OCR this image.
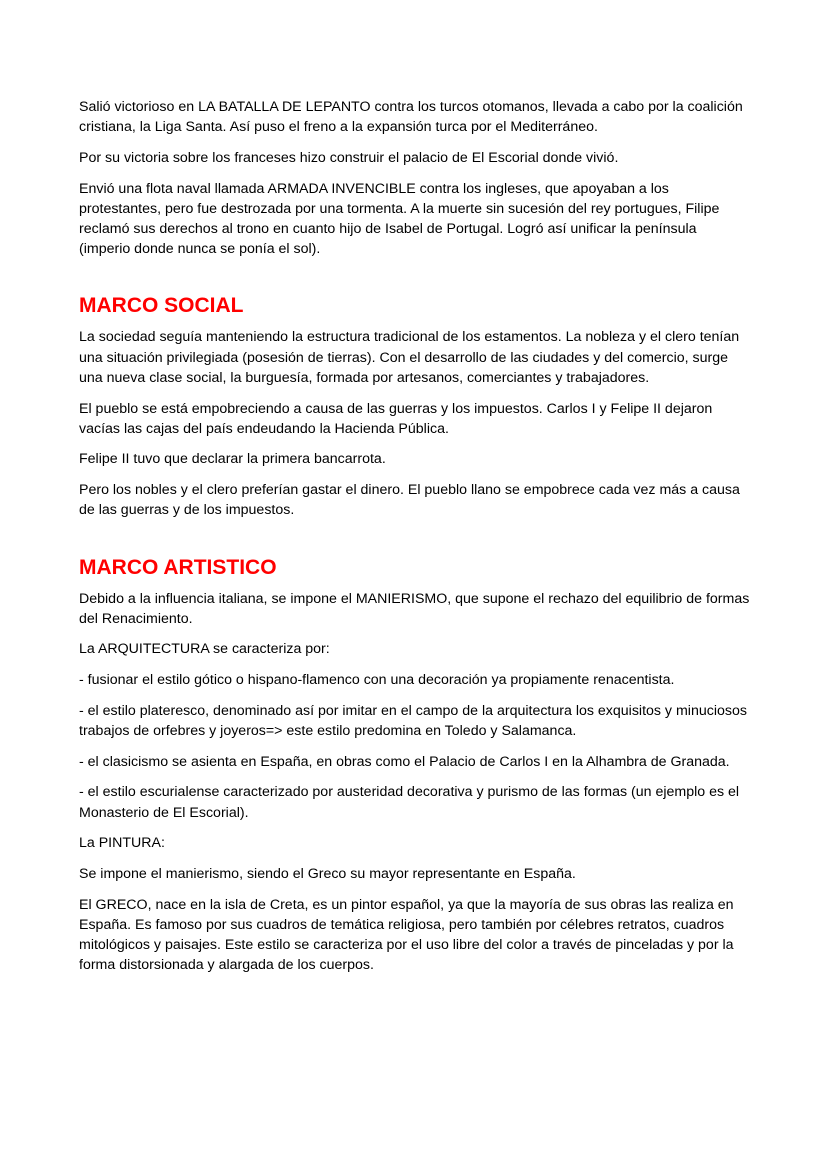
Salió victorioso en LA BATALLA DE LEPANTO contra los turcos otomanos, llevada a cabo por la coalición cristiana, la Liga Santa. Así puso el freno a la expansión turca por el Mediterráneo.

Por su victoria sobre los franceses hizo construir el palacio de El Escorial donde vivió.

Envió una flota naval llamada ARMADA INVENCIBLE contra los ingleses, que apoyaban a los protestantes, pero fue destrozada por una tormenta. A la muerte sin sucesión del rey portugues, Filipe reclamó sus derechos al trono en cuanto hijo de Isabel de Portugal. Logró así unificar la península (imperio donde nunca se ponía el sol).

MARCO SOCIAL

La sociedad seguía manteniendo la estructura tradicional de los estamentos. La nobleza y el clero tenían una situación privilegiada (posesión de tierras). Con el desarrollo de las ciudades y del comercio, surge una nueva clase social, la burguesía, formada por artesanos, comerciantes y trabajadores.

El pueblo se está empobreciendo a causa de las guerras y los impuestos. Carlos I y Felipe II dejaron vacías las cajas del país endeudando la Hacienda Pública.

Felipe II tuvo que declarar la primera bancarrota.

Pero los nobles y el clero preferían gastar el dinero. El pueblo llano se empobrece cada vez más a causa de las guerras y de los impuestos.

MARCO ARTISTICO

Debido a la influencia italiana, se impone el MANIERISMO, que supone el rechazo del equilibrio de formas del Renacimiento.

La ARQUITECTURA se caracteriza por:

- fusionar el estilo gótico o hispano-flamenco con una decoración ya propiamente renacentista.

- el estilo plateresco, denominado así por imitar en el campo de la arquitectura los exquisitos y minuciosos trabajos de orfebres y joyeros=> este estilo predomina en Toledo y Salamanca.

- el clasicismo se asienta en España, en obras como el Palacio de Carlos I en la Alhambra de Granada.

- el estilo escurialense caracterizado por austeridad decorativa y purismo de las formas (un ejemplo es el Monasterio de El Escorial).

La PINTURA:

Se impone el manierismo, siendo el Greco su mayor representante en España.

El GRECO, nace en la isla de Creta, es un pintor español, ya que la mayoría de sus obras las realiza en España. Es famoso por sus cuadros de temática religiosa, pero también por célebres retratos, cuadros mitológicos y paisajes. Este estilo se caracteriza por el uso libre del color a través de pinceladas y por la forma distorsionada y alargada de los cuerpos.
